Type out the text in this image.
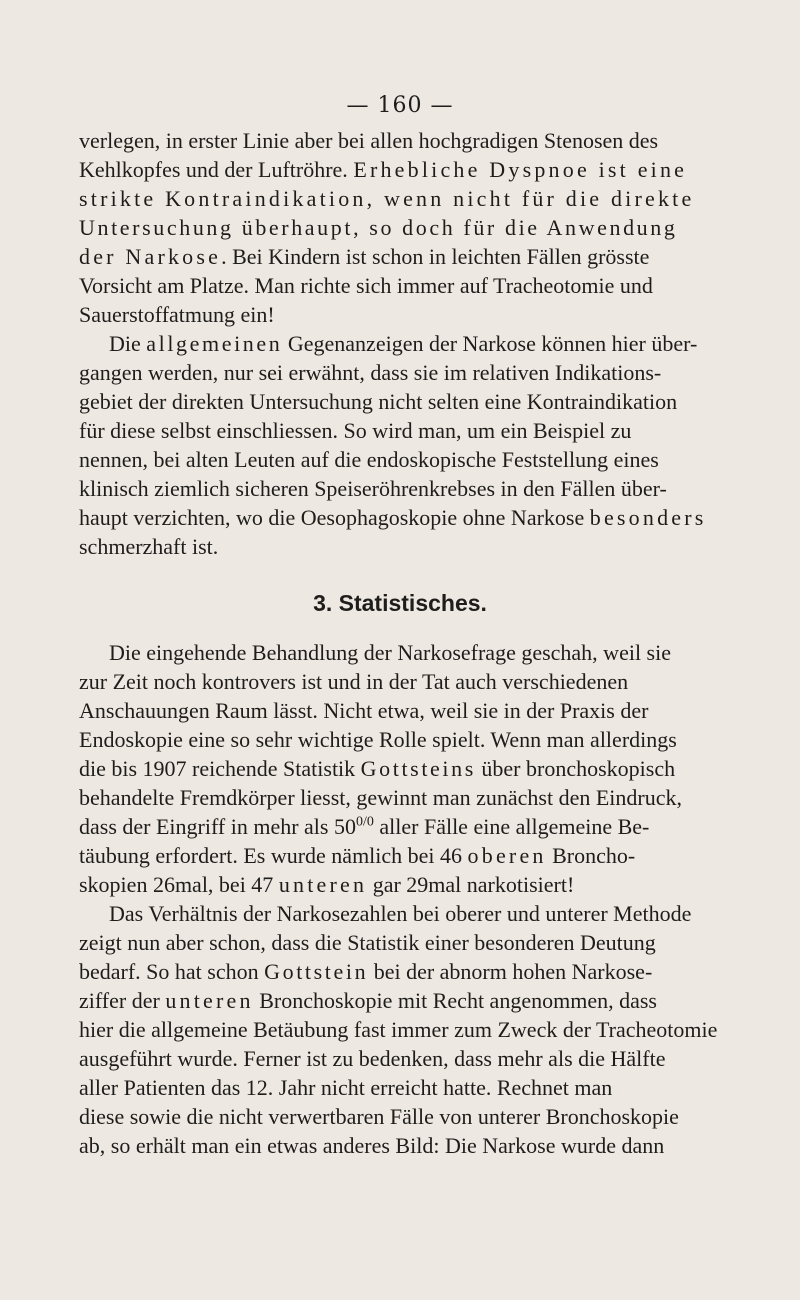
— 160 —
verlegen, in erster Linie aber bei allen hochgradigen Stenosen des
Kehlkopfes und der Luftröhre. Erhebliche Dyspnoe ist eine
strikte Kontraindikation, wenn nicht für die direkte
Untersuchung überhaupt, so doch für die Anwendung
der Narkose. Bei Kindern ist schon in leichten Fällen grösste
Vorsicht am Platze. Man richte sich immer auf Tracheotomie und
Sauerstoffatmung ein!
Die allgemeinen Gegenanzeigen der Narkose können hier über-
gangen werden, nur sei erwähnt, dass sie im relativen Indikations-
gebiet der direkten Untersuchung nicht selten eine Kontraindikation
für diese selbst einschliessen. So wird man, um ein Beispiel zu
nennen, bei alten Leuten auf die endoskopische Feststellung eines
klinisch ziemlich sicheren Speiseröhrenkrebses in den Fällen über-
haupt verzichten, wo die Oesophagoskopie ohne Narkose besonders
schmerzhaft ist.
3. Statistisches.
Die eingehende Behandlung der Narkosefrage geschah, weil sie
zur Zeit noch kontrovers ist und in der Tat auch verschiedenen
Anschauungen Raum lässt. Nicht etwa, weil sie in der Praxis der
Endoskopie eine so sehr wichtige Rolle spielt. Wenn man allerdings
die bis 1907 reichende Statistik Gottsteins über bronchoskopisch
behandelte Fremdkörper liesst, gewinnt man zunächst den Eindruck,
dass der Eingriff in mehr als $50^{0/0}$ aller Fälle eine allgemeine Be-
täubung erfordert. Es wurde nämlich bei 46 oberen Broncho-
skopien 26mal, bei 47 unteren gar 29mal narkotisiert!
Das Verhältnis der Narkosezahlen bei oberer und unterer Methode
zeigt nun aber schon, dass die Statistik einer besonderen Deutung
bedarf. So hat schon Gottstein bei der abnorm hohen Narkose-
ziffer der unteren Bronchoskopie mit Recht angenommen, dass
hier die allgemeine Betäubung fast immer zum Zweck der Tracheotomie
ausgeführt wurde. Ferner ist zu bedenken, dass mehr als die Hälfte
aller Patienten das 12. Jahr nicht erreicht hatte. Rechnet man
diese sowie die nicht verwertbaren Fälle von unterer Bronchoskopie
ab, so erhält man ein etwas anderes Bild: Die Narkose wurde dann
